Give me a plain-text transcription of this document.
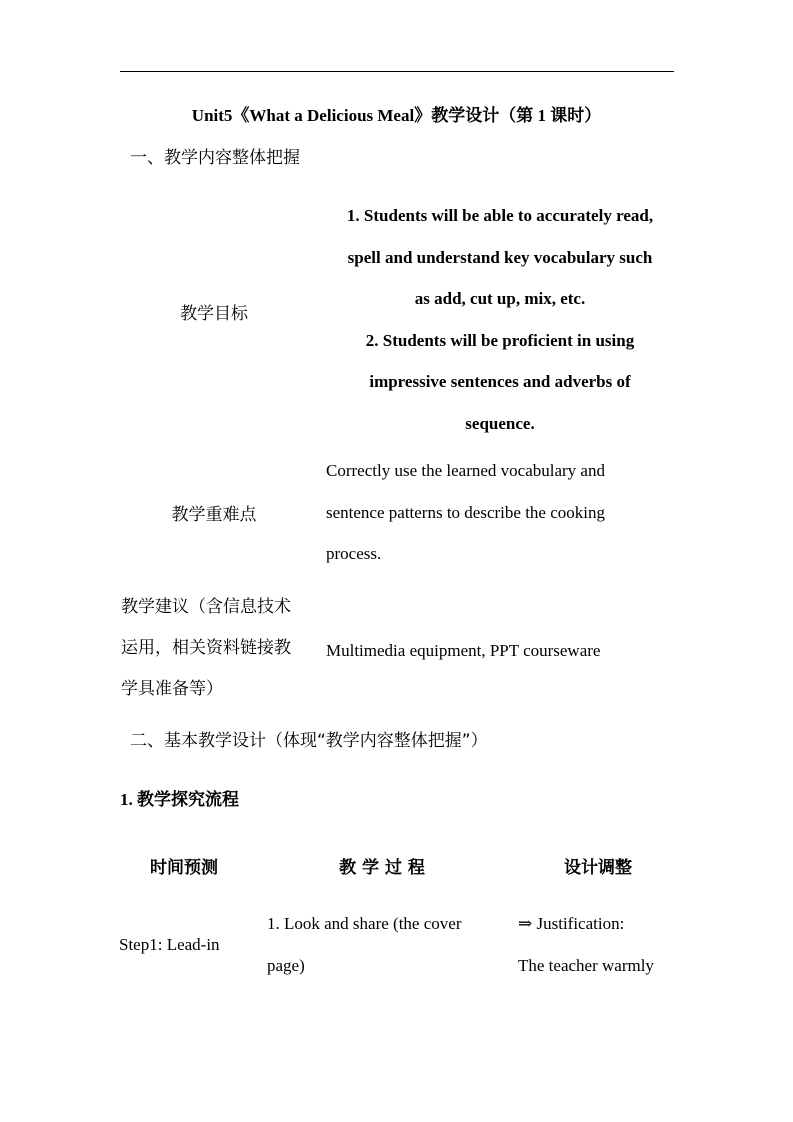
Unit5《What a Delicious Meal》教学设计（第 1 课时）
一、教学内容整体把握
教学目标
1. Students will be able to accurately read,
spell and understand key vocabulary such
as add, cut up, mix, etc.
2. Students will be proficient in using
impressive sentences and adverbs of
sequence.
教学重难点
Correctly use the learned vocabulary and
sentence patterns to describe the cooking
process.
教学建议（含信息技术
运用，相关资料链接教
学具准备等）
Multimedia equipment, PPT courseware
二、基本教学设计（体现“教学内容整体把握”）
1. 教学探究流程
时间预测	教 学 过 程	设计调整
Step1: Lead-in
1. Look and share (the cover
page)
⇒ Justification:
The teacher warmly
